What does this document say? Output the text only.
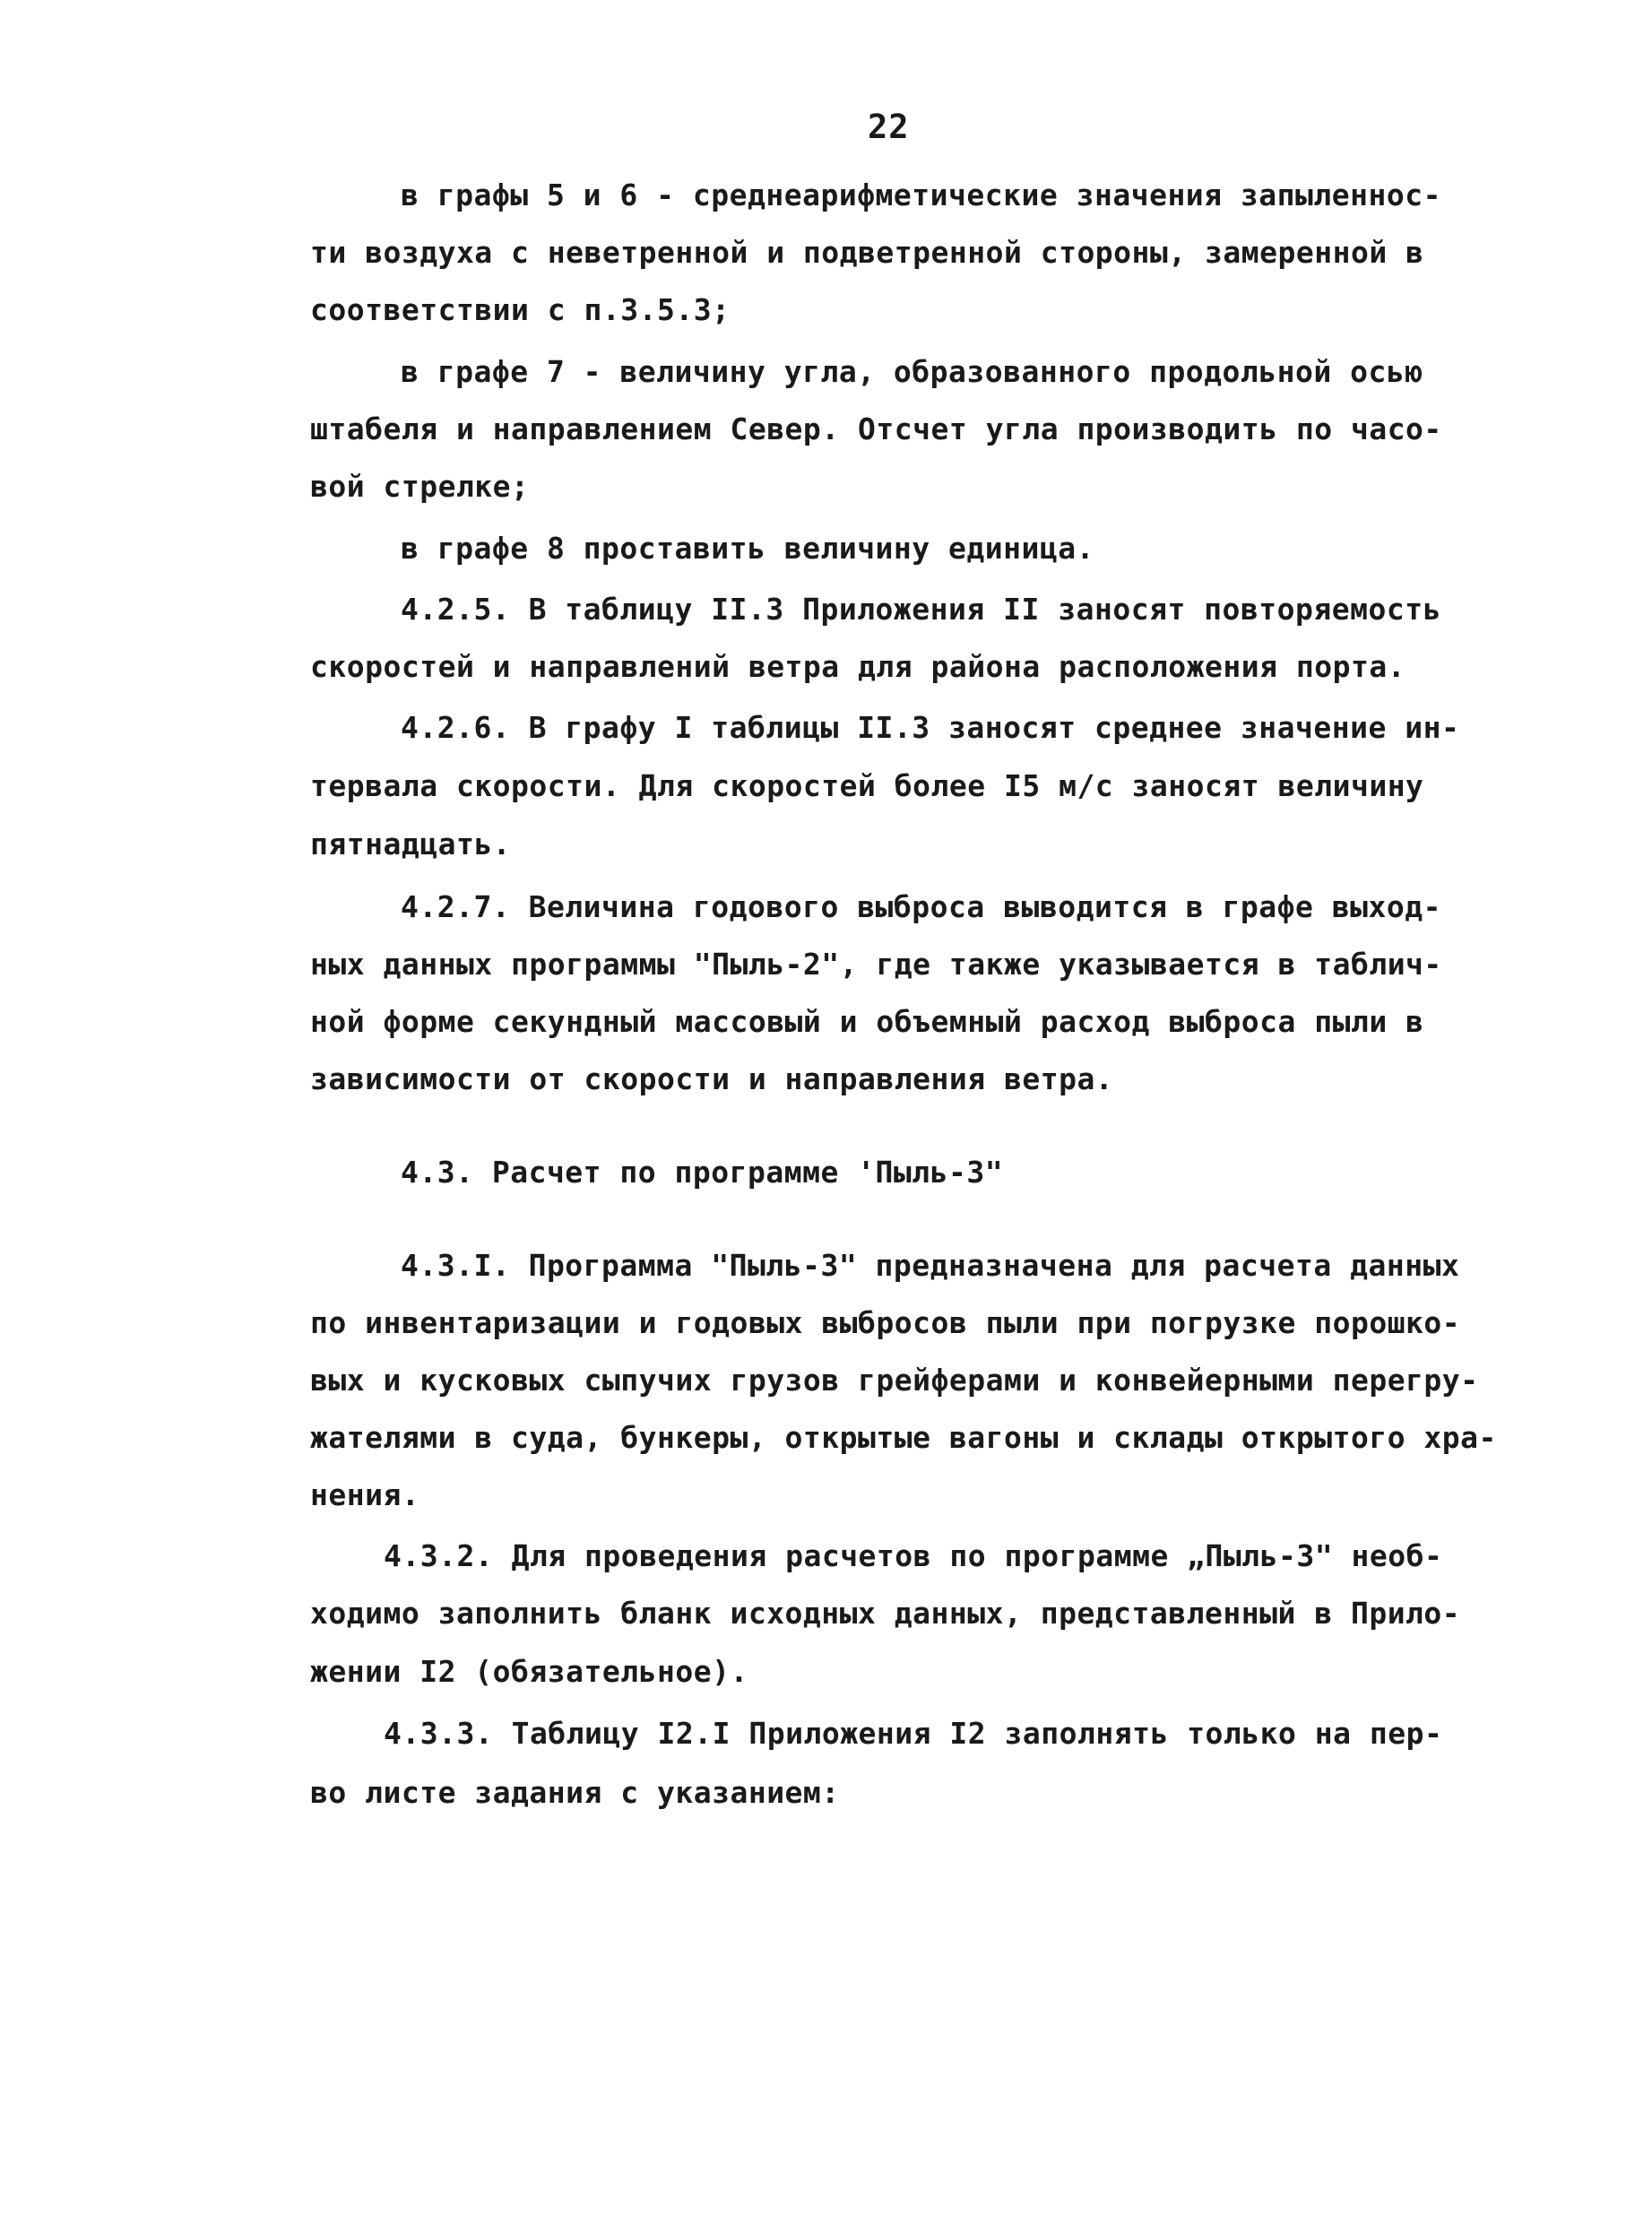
22
в графы 5 и 6 - среднеарифметические значения запыленнос-
ти воздуха с неветренной и подветренной стороны, замеренной в
соответствии с п.3.5.3;
в графе 7 - величину угла, образованного продольной осью
штабеля и направлением Север. Отсчет угла производить по часо-
вой стрелке;
в графе 8 проставить величину единица.
4.2.5. В таблицу II.3 Приложения II заносят повторяемость
скоростей и направлений ветра для района расположения порта.
4.2.6. В графу I таблицы II.3 заносят среднее значение ин-
тервала скорости. Для скоростей более I5 м/с заносят величину
пятнадцать.
4.2.7. Величина годового выброса выводится в графе выход-
ных данных программы "Пыль-2", где также указывается в таблич-
ной форме секундный массовый и объемный расход выброса пыли в
зависимости от скорости и направления ветра.
4.3. Расчет по программе 'Пыль-3"
4.3.I. Программа "Пыль-3" предназначена для расчета данных
по инвентаризации и годовых выбросов пыли при погрузке порошко-
вых и кусковых сыпучих грузов грейферами и конвейерными перегру-
жателями в суда, бункеры, открытые вагоны и склады открытого хра-
нения.
4.3.2. Для проведения расчетов по программе „Пыль-3" необ-
ходимо заполнить бланк исходных данных, представленный в Прило-
жении I2 (обязательное).
4.3.3. Таблицу I2.I Приложения I2 заполнять только на пер-
во листе задания с указанием:
